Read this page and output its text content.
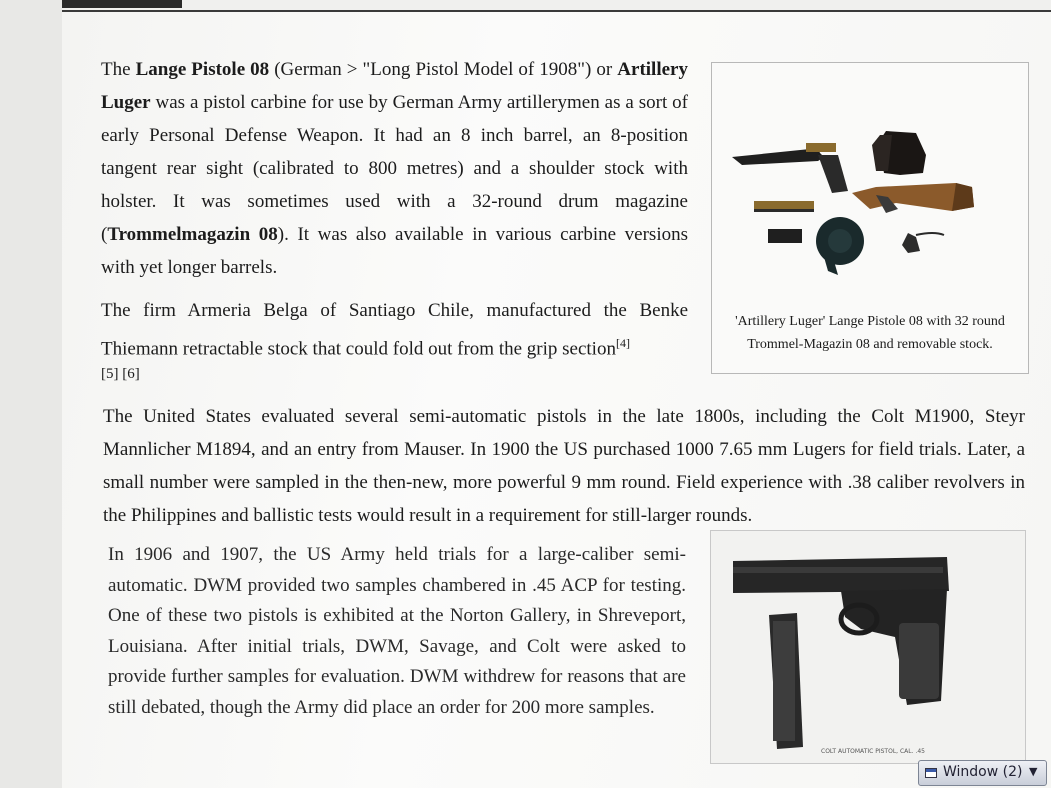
The Lange Pistole 08 (German > "Long Pistol Model of 1908") or Artillery Luger was a pistol carbine for use by German Army artillerymen as a sort of early Personal Defense Weapon. It had an 8 inch barrel, an 8-position tangent rear sight (calibrated to 800 metres) and a shoulder stock with holster. It was sometimes used with a 32-round drum magazine (Trommelmagazin 08). It was also available in various carbine versions with yet longer barrels.
The firm Armeria Belga of Santiago Chile, manufactured the Benke Thiemann retractable stock that could fold out from the grip section[4]
[5] [6]
'Artillery Luger' Lange Pistole 08 with 32 round Trommel-Magazin 08 and removable stock.
The United States evaluated several semi-automatic pistols in the late 1800s, including the Colt M1900, Steyr Mannlicher M1894, and an entry from Mauser. In 1900 the US purchased 1000 7.65 mm Lugers for field trials. Later, a small number were sampled in the then-new, more powerful 9 mm round. Field experience with .38 caliber revolvers in the Philippines and ballistic tests would result in a requirement for still-larger rounds.
In 1906 and 1907, the US Army held trials for a large-caliber semi-automatic. DWM provided two samples chambered in .45 ACP for testing. One of these two pistols is exhibited at the Norton Gallery, in Shreveport, Louisiana. After initial trials, DWM, Savage, and Colt were asked to provide further samples for evaluation. DWM withdrew for reasons that are still debated, though the Army did place an order for 200 more samples.
COLT AUTOMATIC PISTOL, CAL. .45
Window (2) ▼
